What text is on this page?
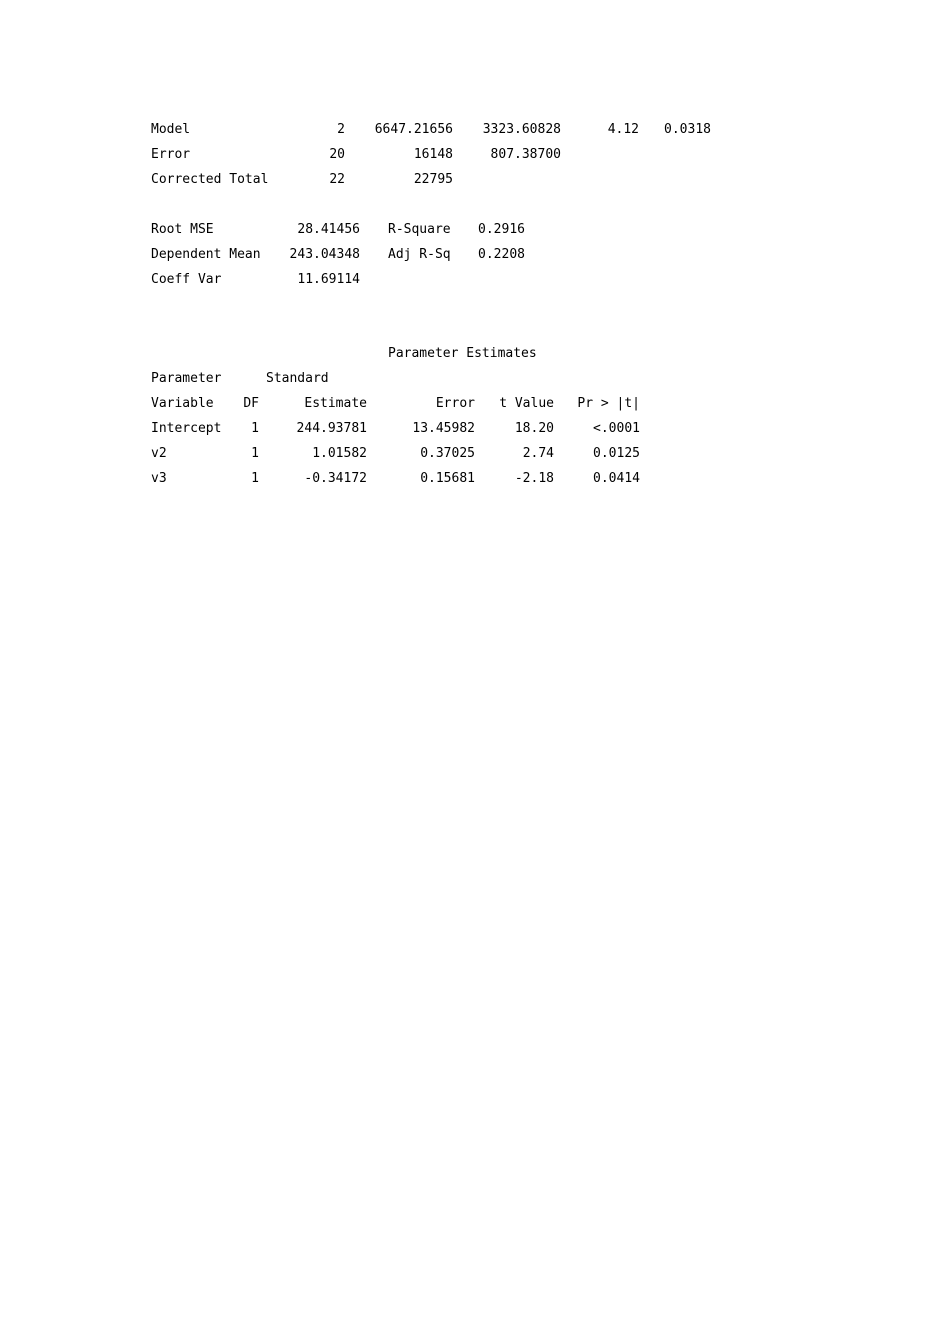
Model	2	6647.21656	3323.60828	4.12	0.0318
Error	20	16148	807.38700
Corrected Total	22	22795
Root MSE	28.41456 R-Square	0.2916
Dependent Mean	243.04348 Adj R-Sq	0.2208
Coeff Var	11.69114
Parameter Estimates
Parameter	Standard
Variable	DF	Estimate	Error	t Value	Pr > |t|
Intercept	1	244.93781	13.45982	18.20	<.0001
v2	1	1.01582	0.37025	2.74	0.0125
v3	1	-0.34172	0.15681	-2.18	0.0414
